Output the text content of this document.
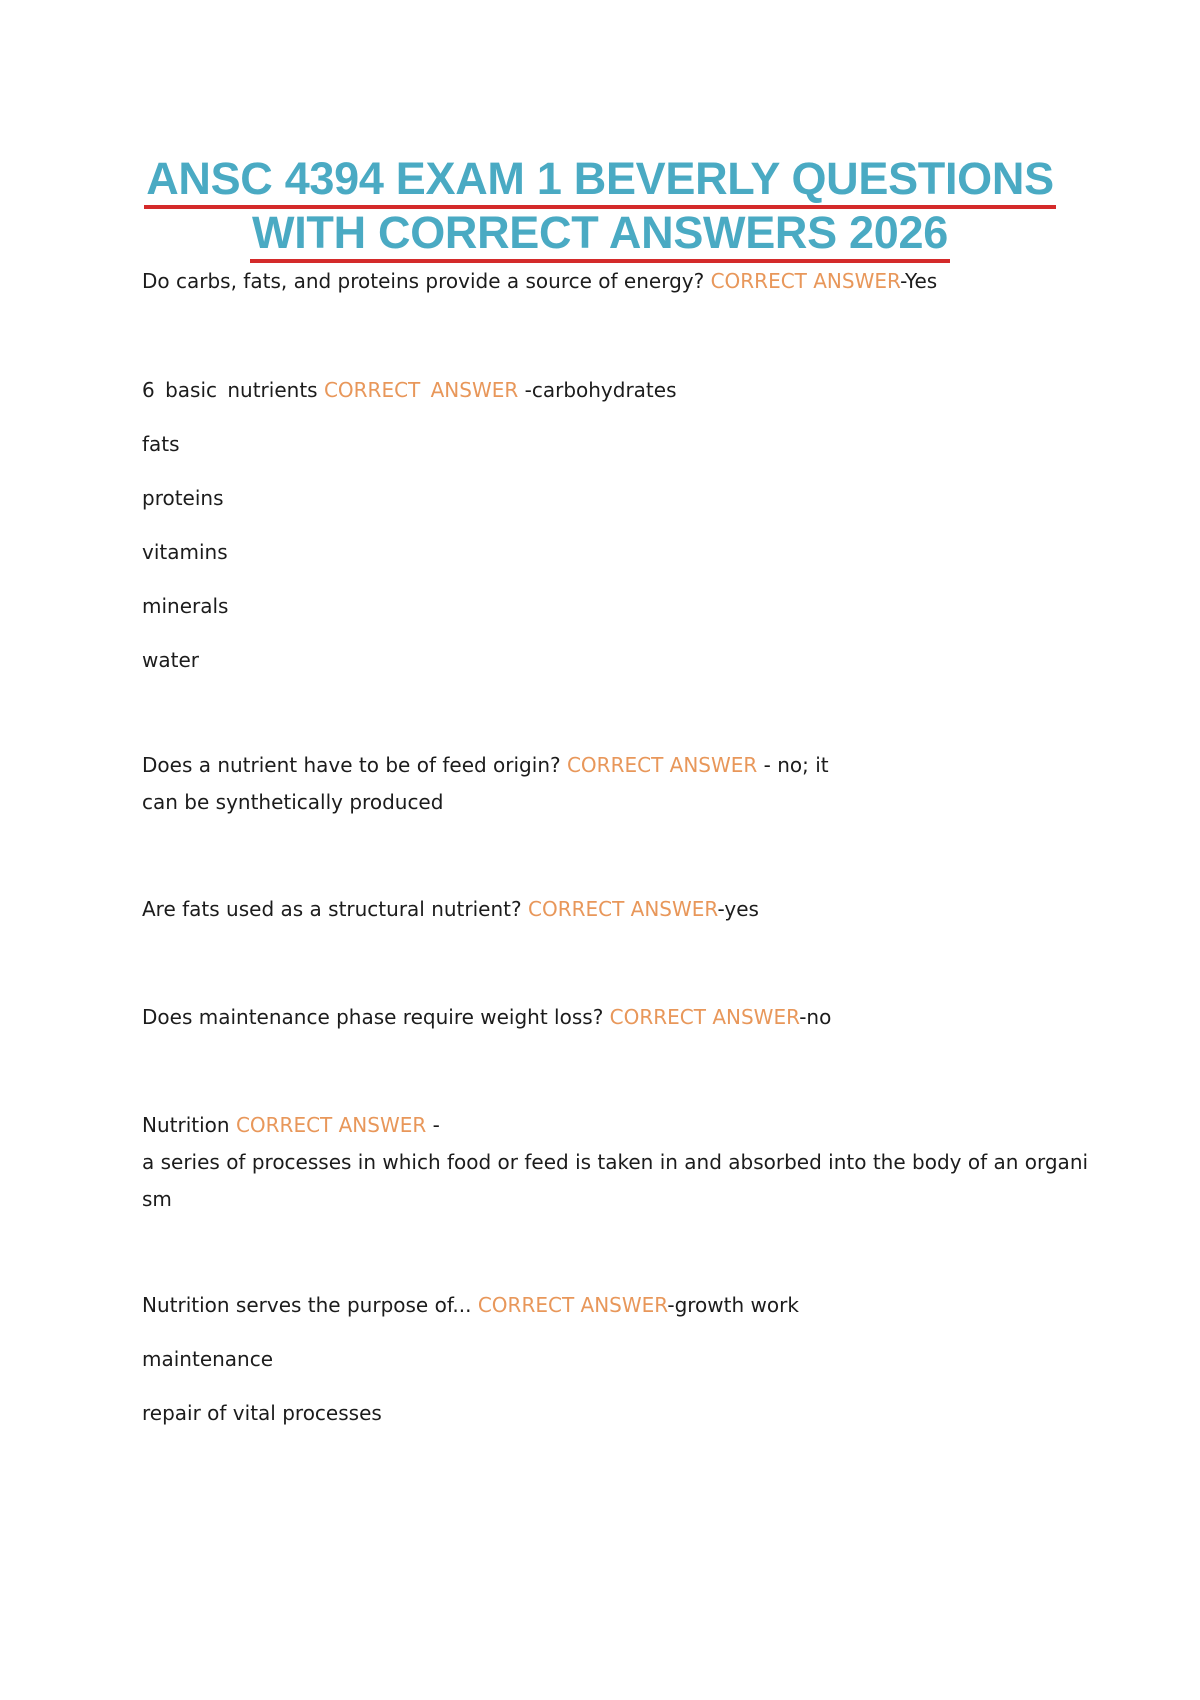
ANSC 4394 EXAM 1 BEVERLY QUESTIONS
WITH CORRECT ANSWERS 2026
Do carbs, fats, and proteins provide a source of energy? CORRECT ANSWER-Yes
6 basic nutrients CORRECT ANSWER -carbohydrates
fats
proteins
vitamins
minerals
water
Does a nutrient have to be of feed origin? CORRECT ANSWER - no; it
can be synthetically produced
Are fats used as a structural nutrient? CORRECT ANSWER-yes
Does maintenance phase require weight loss? CORRECT ANSWER-no
Nutrition CORRECT ANSWER -
a series of processes in which food or feed is taken in and absorbed into the body of an organi
sm
Nutrition serves the purpose of... CORRECT ANSWER-growth work
maintenance
repair of vital processes
